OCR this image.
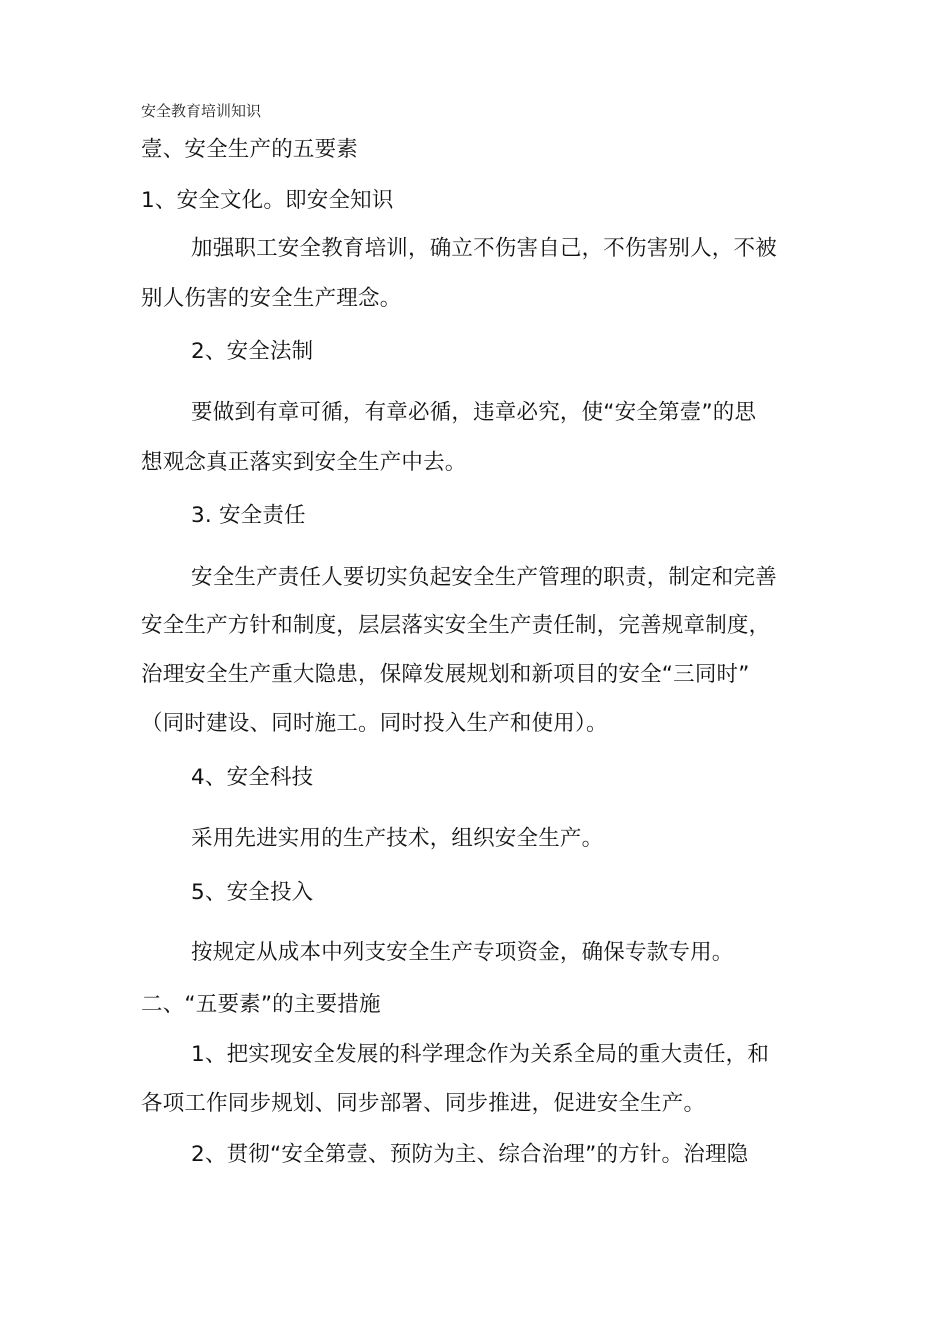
安全教育培训知识
壹、安全生产的五要素
1、安全文化。即安全知识
加强职工安全教育培训，确立不伤害自己，不伤害别人，不被
别人伤害的安全生产理念。
2、安全法制
要做到有章可循，有章必循，违章必究，使“安全第壹”的思
想观念真正落实到安全生产中去。
3. 安全责任
安全生产责任人要切实负起安全生产管理的职责，制定和完善
安全生产方针和制度，层层落实安全生产责任制，完善规章制度，
治理安全生产重大隐患，保障发展规划和新项目的安全“三同时”
（同时建设、同时施工。同时投入生产和使用）。
4、安全科技
采用先进实用的生产技术，组织安全生产。
5、安全投入
按规定从成本中列支安全生产专项资金，确保专款专用。
二、“五要素”的主要措施
1、把实现安全发展的科学理念作为关系全局的重大责任，和
各项工作同步规划、同步部署、同步推进，促进安全生产。
2、贯彻“安全第壹、预防为主、综合治理”的方针。治理隐
